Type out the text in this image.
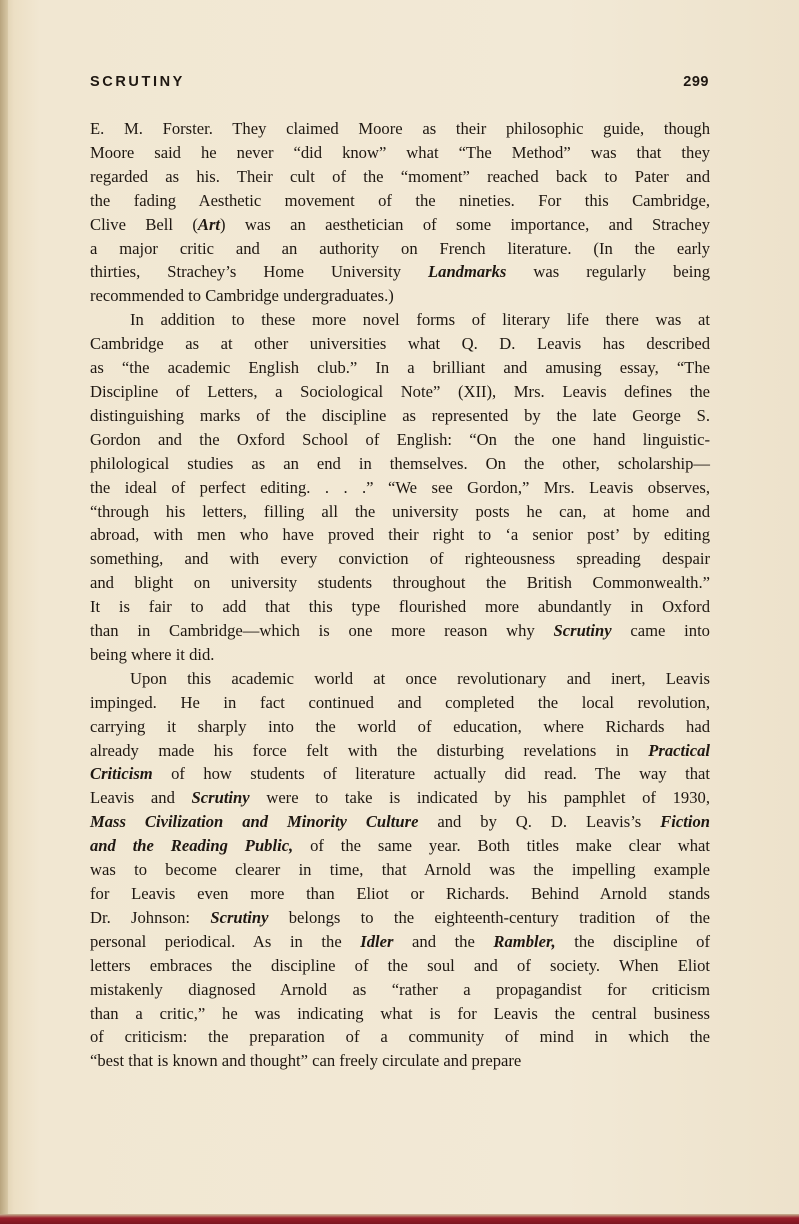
SCRUTINY	299
E. M. Forster. They claimed Moore as their philosophic guide, though
Moore said he never “did know” what “The Method” was that they
regarded as his. Their cult of the “moment” reached back to Pater and
the fading Aesthetic movement of the nineties. For this Cambridge,
Clive Bell (Art) was an aesthetician of some importance, and Strachey
a major critic and an authority on French literature. (In the early
thirties, Strachey’s Home University Landmarks was regularly being
recommended to Cambridge undergraduates.)
In addition to these more novel forms of literary life there was at
Cambridge as at other universities what Q. D. Leavis has described
as “the academic English club.” In a brilliant and amusing essay, “The
Discipline of Letters, a Sociological Note” (XII), Mrs. Leavis defines the
distinguishing marks of the discipline as represented by the late George S.
Gordon and the Oxford School of English: “On the one hand linguistic-
philological studies as an end in themselves. On the other, scholarship—
the ideal of perfect editing. . . .” “We see Gordon,” Mrs. Leavis observes,
“through his letters, filling all the university posts he can, at home and
abroad, with men who have proved their right to ‘a senior post’ by editing
something, and with every conviction of righteousness spreading despair
and blight on university students throughout the British Commonwealth.”
It is fair to add that this type flourished more abundantly in Oxford
than in Cambridge—which is one more reason why Scrutiny came into
being where it did.
Upon this academic world at once revolutionary and inert, Leavis
impinged. He in fact continued and completed the local revolution,
carrying it sharply into the world of education, where Richards had
already made his force felt with the disturbing revelations in Practical
Criticism of how students of literature actually did read. The way that
Leavis and Scrutiny were to take is indicated by his pamphlet of 1930,
Mass Civilization and Minority Culture and by Q. D. Leavis’s Fiction
and the Reading Public, of the same year. Both titles make clear what
was to become clearer in time, that Arnold was the impelling example
for Leavis even more than Eliot or Richards. Behind Arnold stands
Dr. Johnson: Scrutiny belongs to the eighteenth-century tradition of the
personal periodical. As in the Idler and the Rambler, the discipline of
letters embraces the discipline of the soul and of society. When Eliot
mistakenly diagnosed Arnold as “rather a propagandist for criticism
than a critic,” he was indicating what is for Leavis the central business
of criticism: the preparation of a community of mind in which the
“best that is known and thought” can freely circulate and prepare
